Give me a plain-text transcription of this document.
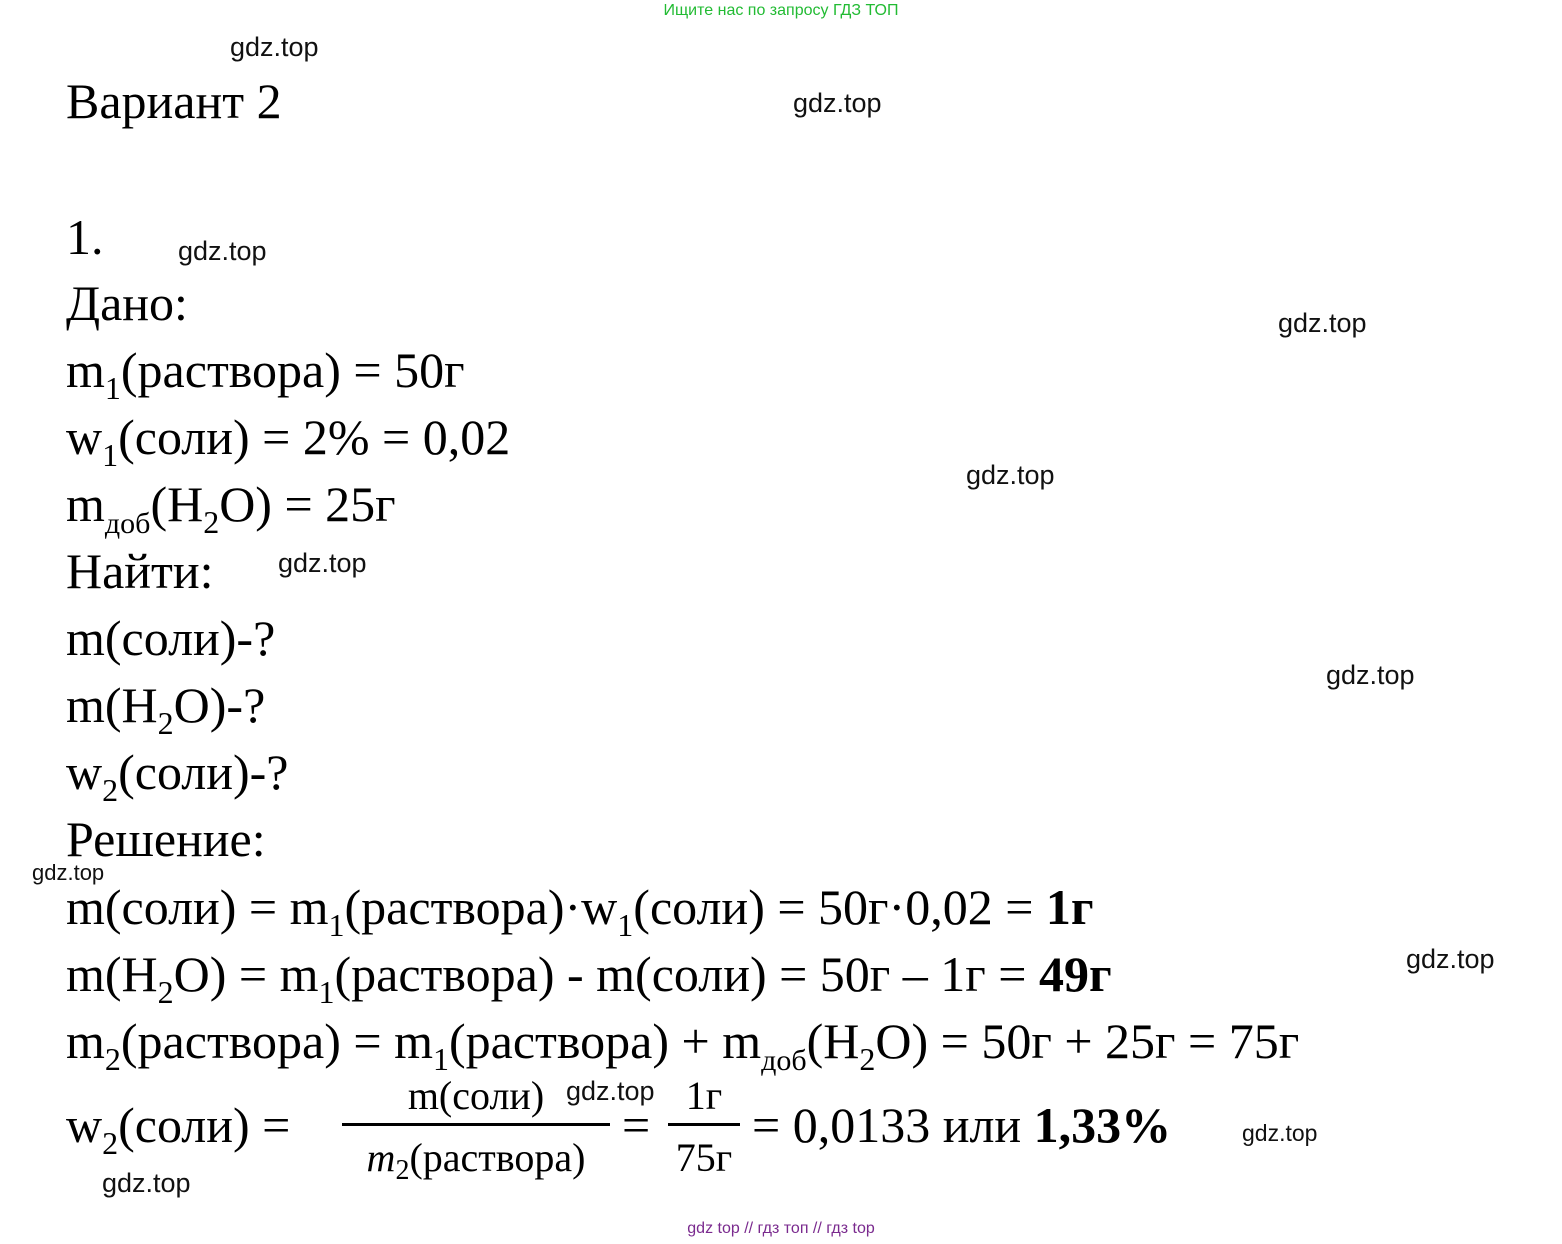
Ищите нас по запросу ГДЗ ТОП
gdz.top
gdz.top
gdz.top
gdz.top
gdz.top
gdz.top
gdz.top
gdz.top
gdz.top
gdz.top
gdz.top
gdz.top
Вариант 2
1.
Дано:
$m_1(раствора) = 50г$
$w_1(соли) = 2\% = 0,02$
$m_{доб}(H_2O) = 25г$
Найти:
m(соли)-?
$m(H_2O)-$?
$w_2(соли)-$?
Решение:
m(соли) = $m_1(раствора)\cdot w_1(соли) = 50г\cdot 0,02 = 1г$
$m(H_2O)$ = $m_1(раствора)$ - m(соли) = 50г – 1г = 49г
$m_2(раствора)$ = $m_1(раствора) + m_{доб}(H_2O) = 50г + 25г = 75г$
$w_2(соли)$ =
m(соли)
$m_2(раствора)$
=
1г
75г
= 0,0133 или 1,33%
gdz top // гдз топ // гдз top
